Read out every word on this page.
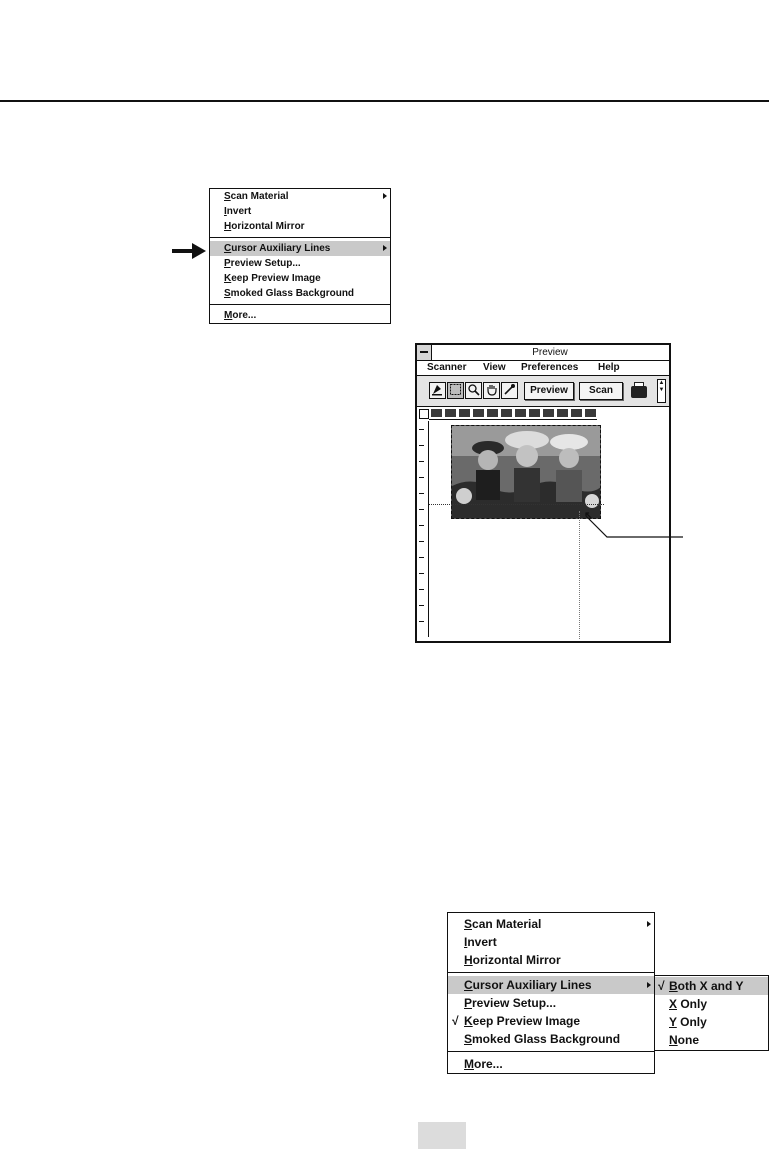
Scan Material
Invert
Horizontal Mirror
Cursor Auxiliary Lines
Preview Setup...
Keep Preview Image
Smoked Glass Background
More...
Preview
Scanner View Preferences Help
Preview	Scan
▲
▼
↖
Scan Material
Invert
Horizontal Mirror
Cursor Auxiliary Lines
Preview Setup...
√ Keep Preview Image
Smoked Glass Background
More...
√ Both X and Y
X Only
Y Only
None
